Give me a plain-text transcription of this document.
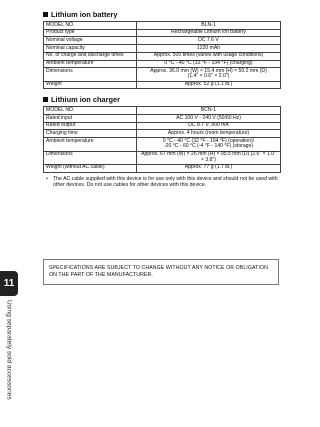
Lithium ion battery
MODEL NO.	BLN-1
Product type	Rechargeable Lithium ion battery
Nominal voltage	DC 7.6 V
Nominal capacity	1220 mAh
No. of charge and discharge times	Approx. 500 times (varies with usage conditions)
Ambient temperature	0 °C - 40 °C (32 °F - 104 °F) (charging)
Dimensions	Approx. 36.0 mm (W) × 15.4 mm (H) × 50.2 mm (D)
(1.4" × 0.6" × 2.0")
Weight	Approx. 52 g (1.1 lb.)
Lithium ion charger
MODEL NO.	BCN-1
Rated input	AC 100 V - 240 V (50/60 Hz)
Rated output	DC 8.7 V, 900 mA
Charging time	Approx. 4 hours (room temperature)
Ambient temperature	0 °C - 40 °C (32 °F - 104 °F) (operation)/
-20 °C - 60 °C (-4 °F - 140 °F) (storage)
Dimensions	Approx. 67 mm (W) × 26 mm (H) × 95.5 mm (D) (2.6" × 1.0" × 3.8")
Weight (without AC cable)	Approx. 77 g (1.7 lb.)
• The AC cable supplied with this device is for use only with this device and should not be used with other devices. Do not use cables for other devices with this device.
SPECIFICATIONS ARE SUBJECT TO CHANGE WITHOUT ANY NOTICE OR OBLIGATION ON THE PART OF THE MANUFACTURER.
11
Using separately sold accessories
